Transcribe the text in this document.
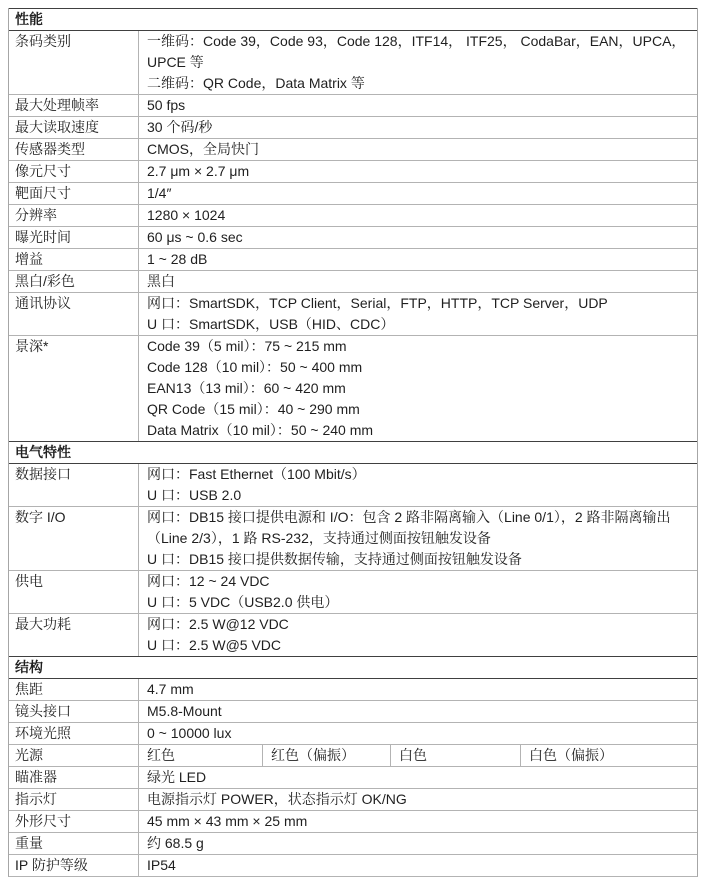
性能
条码类别	一维码：Code 39，Code 93，Code 128，ITF14， ITF25， CodaBar，EAN，UPCA，UPCE 等
二维码：QR Code，Data Matrix 等
最大处理帧率	50 fps
最大读取速度	30 个码/秒
传感器类型	CMOS，全局快门
像元尺寸	2.7 μm × 2.7 μm
靶面尺寸	1/4″
分辨率	1280 × 1024
曝光时间	60 μs ~ 0.6 sec
增益	1 ~ 28 dB
黑白/彩色	黑白
通讯协议	网口：SmartSDK，TCP Client，Serial，FTP，HTTP，TCP Server，UDP
U 口：SmartSDK，USB（HID、CDC）
景深*	Code 39（5 mil）：75 ~ 215 mm
Code 128（10 mil）：50 ~ 400 mm
EAN13（13 mil）：60 ~ 420 mm
QR Code（15 mil）：40 ~ 290 mm
Data Matrix（10 mil）：50 ~ 240 mm
电气特性
数据接口	网口：Fast Ethernet（100 Mbit/s）
U 口：USB 2.0
数字 I/O	网口：DB15 接口提供电源和 I/O：包含 2 路非隔离输入（Line 0/1），2 路非隔离输出（Line 2/3），1 路 RS-232，支持通过侧面按钮触发设备
U 口：DB15 接口提供数据传输，支持通过侧面按钮触发设备
供电	网口：12 ~ 24 VDC
U 口：5 VDC（USB2.0 供电）
最大功耗	网口：2.5 W@12 VDC
U 口：2.5 W@5 VDC
结构
焦距	4.7 mm
镜头接口	M5.8-Mount
环境光照	0 ~ 10000 lux
光源	红色	红色（偏振）	白色	白色（偏振）
瞄准器	绿光 LED
指示灯	电源指示灯 POWER，状态指示灯 OK/NG
外形尺寸	45 mm × 43 mm × 25 mm
重量	约 68.5 g
IP 防护等级	IP54
